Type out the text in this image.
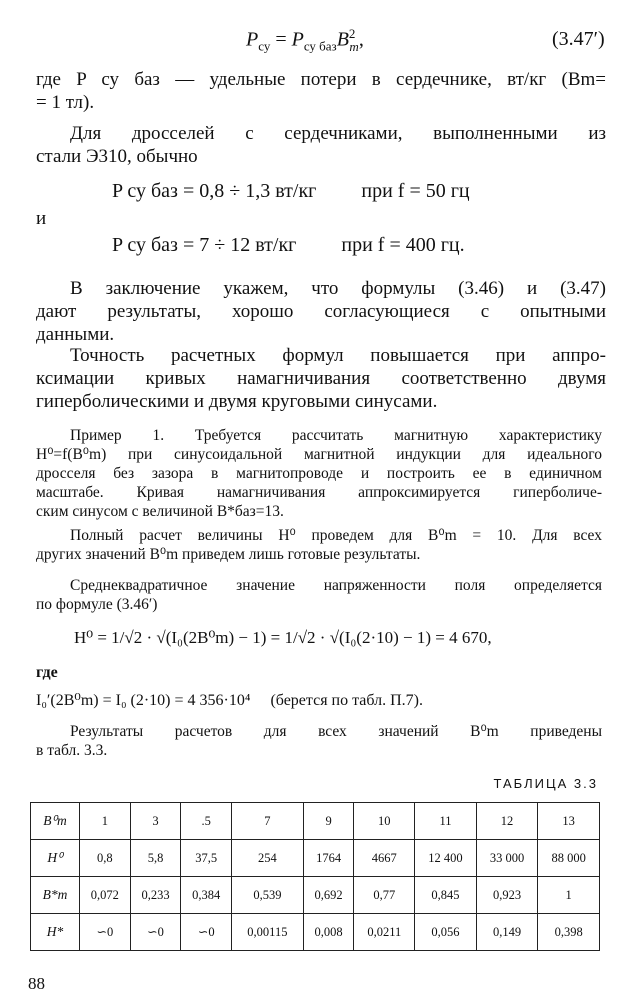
$P_{су} = P_{су баз}B^2_m$,	(3.47′)
где P су баз — удельные потери в сердечнике, вт/кг (Bm=
= 1 тл).
Для дросселей с сердечниками, выполненными из
стали Э310, обычно
P су баз = 0,8 ÷ 1,3 вт/кг при f = 50 гц
и
P су баз = 7 ÷ 12 вт/кг при f = 400 гц.
В заключение укажем, что формулы (3.46) и (3.47)
дают результаты, хорошо согласующиеся с опытными
данными.
Точность расчетных формул повышается при аппро-
ксимации кривых намагничивания соответственно двумя
гиперболическими и двумя круговыми синусами.
Пример 1. Требуется рассчитать магнитную характеристику
H⁰=f(B⁰m) при синусоидальной магнитной индукции для идеального
дросселя без зазора в магнитопроводе и построить ее в единичном
масштабе. Кривая намагничивания аппроксимируется гиперболиче-
ским синусом с величиной B*баз=13.
Полный расчет величины H⁰ проведем для B⁰m = 10. Для всех
других значений B⁰m приведем лишь готовые результаты.
Среднеквадратичное значение напряженности поля определяется
по формуле (3.46′)
H⁰ = 1/√2 · √(I₀(2B⁰m) − 1) = 1/√2 · √(I₀(2·10) − 1) = 4 670,
где
I₀′(2B⁰m) = I₀ (2·10) = 4 356·10⁴ (берется по табл. П.7).
Результаты расчетов для всех значений B⁰m приведены
в табл. 3.3.
ТАБЛИЦА 3.3
B⁰m	1	3	.5	7	9	10	11	12	13
H⁰	0,8	5,8	37,5	254	1764	4667	12 400	33 000	88 000
B*m	0,072	0,233	0,384	0,539	0,692	0,77	0,845	0,923	1
H*	∽0	∽0	∽0	0,00115	0,008	0,0211	0,056	0,149	0,398
88
